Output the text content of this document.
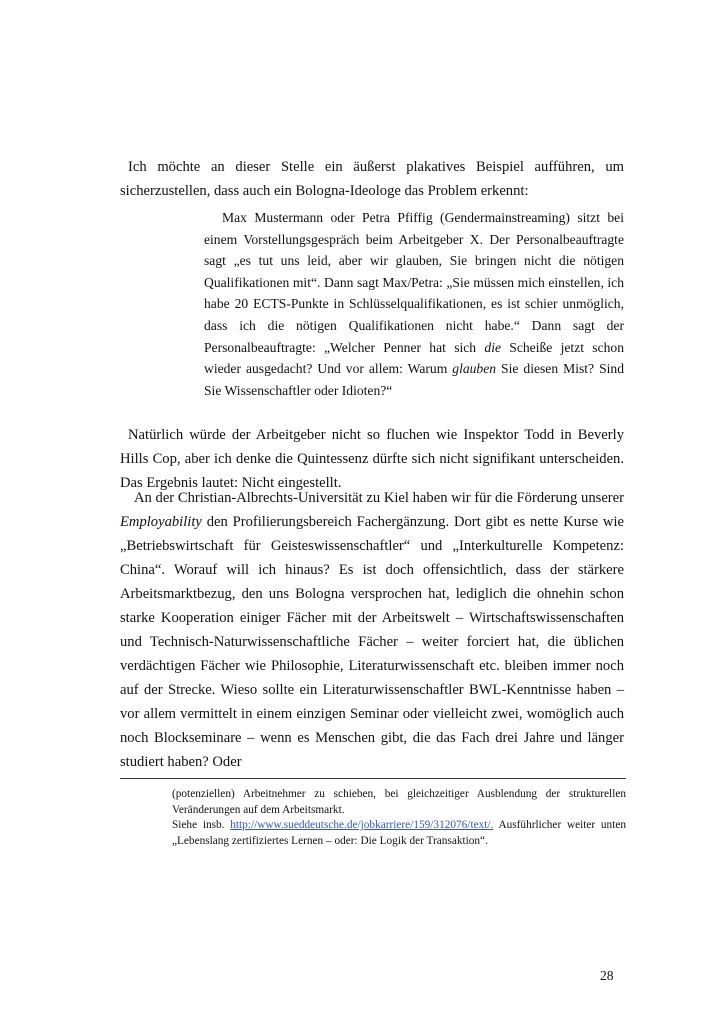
Ich möchte an dieser Stelle ein äußerst plakatives Beispiel aufführen, um sicherzustellen, dass auch ein Bologna-Ideologe das Problem erkennt:

Max Mustermann oder Petra Pfiffig (Gendermainstreaming) sitzt bei einem Vorstellungsgespräch beim Arbeitgeber X. Der Personalbeauftragte sagt „es tut uns leid, aber wir glauben, Sie bringen nicht die nötigen Qualifikationen mit“. Dann sagt Max/Petra: „Sie müssen mich einstellen, ich habe 20 ECTS-Punkte in Schlüsselqualifikationen, es ist schier unmöglich, dass ich die nötigen Qualifikationen nicht habe.“ Dann sagt der Personalbeauftragte: „Welcher Penner hat sich die Scheiße jetzt schon wieder ausgedacht? Und vor allem: Warum glauben Sie diesen Mist? Sind Sie Wissenschaftler oder Idioten?“

Natürlich würde der Arbeitgeber nicht so fluchen wie Inspektor Todd in Beverly Hills Cop, aber ich denke die Quintessenz dürfte sich nicht signifikant unterscheiden. Das Ergebnis lautet: Nicht eingestellt.

An der Christian-Albrechts-Universität zu Kiel haben wir für die Förderung unserer Employability den Profilierungsbereich Fachergänzung. Dort gibt es nette Kurse wie „Betriebswirtschaft für Geisteswissenschaftler“ und „Interkulturelle Kompetenz: China“. Worauf will ich hinaus? Es ist doch offensichtlich, dass der stärkere Arbeitsmarktbezug, den uns Bologna versprochen hat, lediglich die ohnehin schon starke Kooperation einiger Fächer mit der Arbeitswelt – Wirtschaftswissenschaften und Technisch-Naturwissenschaftliche Fächer – weiter forciert hat, die üblichen verdächtigen Fächer wie Philosophie, Literaturwissenschaft etc. bleiben immer noch auf der Strecke. Wieso sollte ein Literaturwissenschaftler BWL-Kenntnisse haben – vor allem vermittelt in einem einzigen Seminar oder vielleicht zwei, womöglich auch noch Blockseminare – wenn es Menschen gibt, die das Fach drei Jahre und länger studiert haben? Oder

(potenziellen) Arbeitnehmer zu schieben, bei gleichzeitiger Ausblendung der strukturellen Veränderungen auf dem Arbeitsmarkt.

Siehe insb. http://www.sueddeutsche.de/jobkarriere/159/312076/text/. Ausführlicher weiter unten „Lebenslang zertifiziertes Lernen – oder: Die Logik der Transaktion“.

28
